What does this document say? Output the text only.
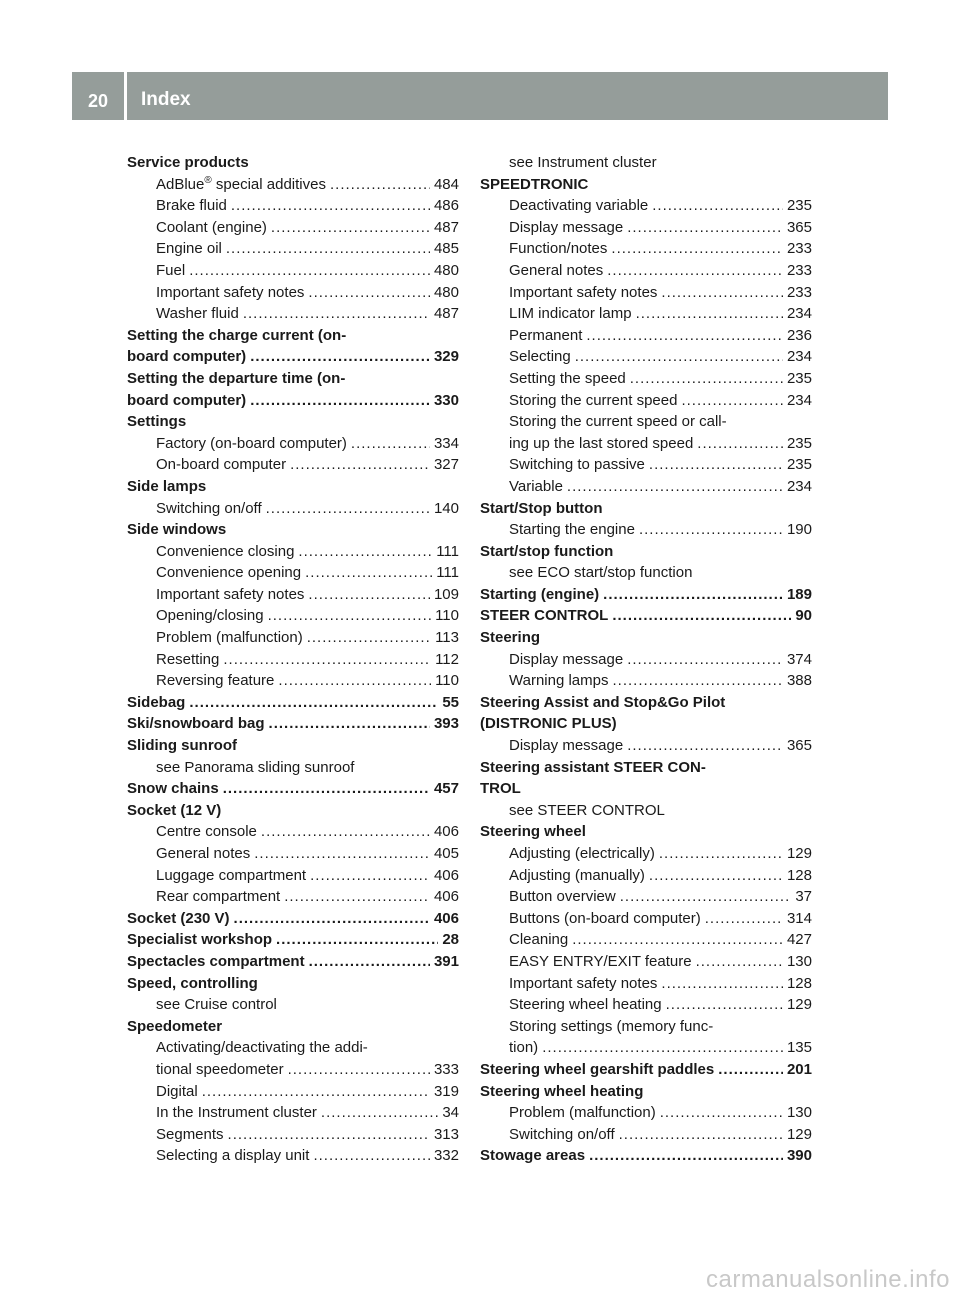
20	Index
Service products
AdBlue® special additives .....	484
Brake fluid .....	486
Coolant (engine) .....	487
Engine oil .....	485
Fuel .....	480
Important safety notes .....	480
Washer fluid .....	487
Setting the charge current (on-
board computer) .....	329
Setting the departure time (on-
board computer) .....	330
Settings
Factory (on-board computer) .....	334
On-board computer .....	327
Side lamps
Switching on/off .....	140
Side windows
Convenience closing .....	111
Convenience opening .....	111
Important safety notes .....	109
Opening/closing .....	110
Problem (malfunction) .....	113
Resetting .....	112
Reversing feature .....	110
Sidebag .....	55
Ski/snowboard bag .....	393
Sliding sunroof
see Panorama sliding sunroof
Snow chains .....	457
Socket (12 V)
Centre console .....	406
General notes .....	405
Luggage compartment .....	406
Rear compartment .....	406
Socket (230 V) .....	406
Specialist workshop .....	28
Spectacles compartment .....	391
Speed, controlling
see Cruise control
Speedometer
Activating/deactivating the addi-
tional speedometer .....	333
Digital .....	319
In the Instrument cluster .....	34
Segments .....	313
Selecting a display unit .....	332
see Instrument cluster
SPEEDTRONIC
Deactivating variable .....	235
Display message .....	365
Function/notes .....	233
General notes .....	233
Important safety notes .....	233
LIM indicator lamp .....	234
Permanent .....	236
Selecting .....	234
Setting the speed .....	235
Storing the current speed .....	234
Storing the current speed or call-
ing up the last stored speed .....	235
Switching to passive .....	235
Variable .....	234
Start/Stop button
Starting the engine .....	190
Start/stop function
see ECO start/stop function
Starting (engine) .....	189
STEER CONTROL .....	90
Steering
Display message .....	374
Warning lamps .....	388
Steering Assist and Stop&Go Pilot
(DISTRONIC PLUS)
Display message .....	365
Steering assistant STEER CON-
TROL
see STEER CONTROL
Steering wheel
Adjusting (electrically) .....	129
Adjusting (manually) .....	128
Button overview .....	37
Buttons (on-board computer) .....	314
Cleaning .....	427
EASY ENTRY/EXIT feature .....	130
Important safety notes .....	128
Steering wheel heating .....	129
Storing settings (memory func-
tion) .....	135
Steering wheel gearshift paddles .....	201
Steering wheel heating
Problem (malfunction) .....	130
Switching on/off .....	129
Stowage areas .....	390
carmanualsonline.info
